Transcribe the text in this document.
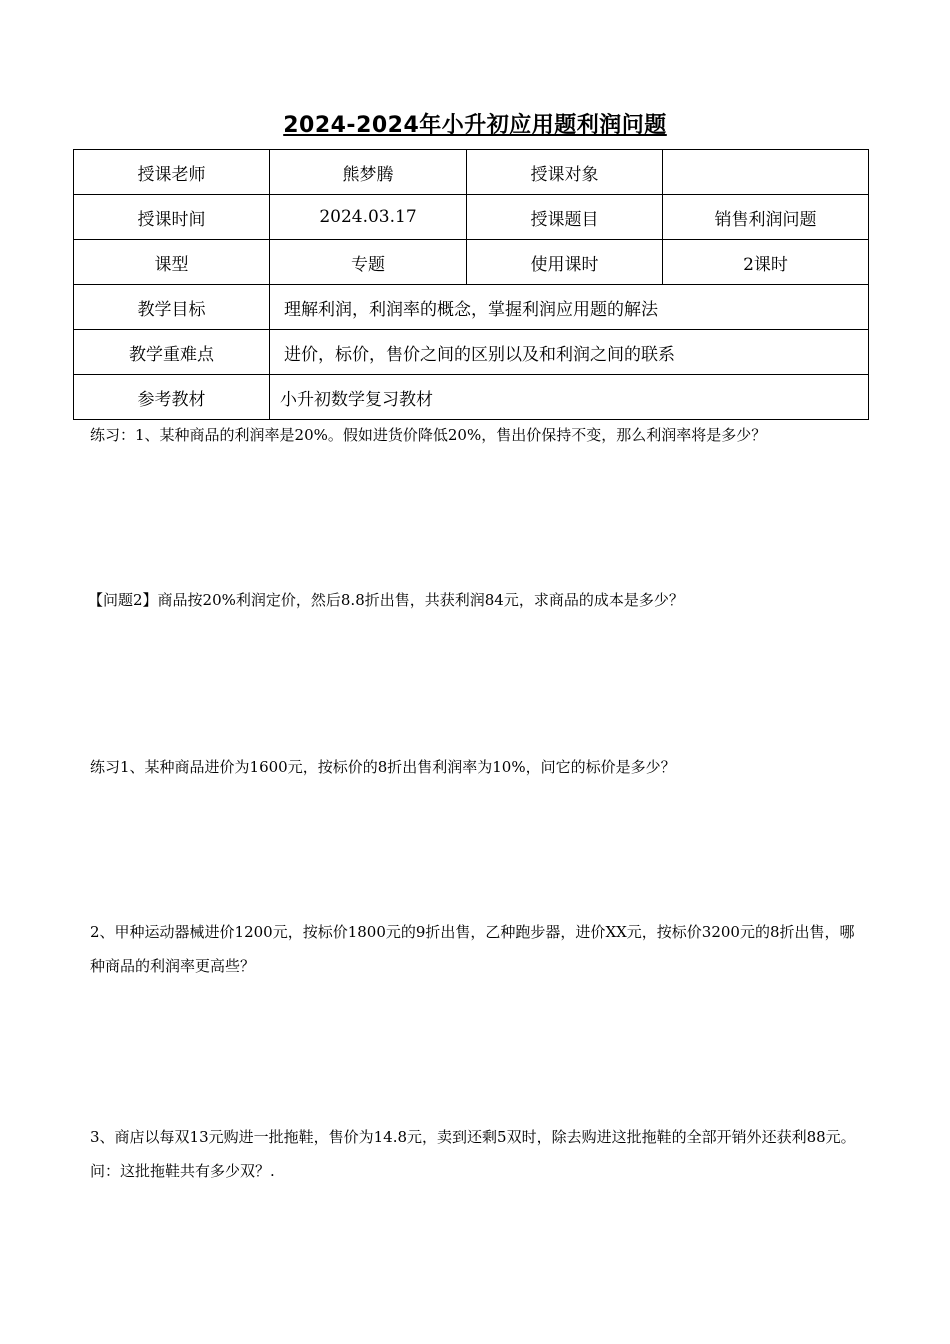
2024-2024年小升初应用题利润问题
授课老师	熊梦腾	授课对象	
授课时间	2024.03.17	授课题目	销售利润问题
课型	专题	使用课时	2课时
教学目标	理解利润，利润率的概念，掌握利润应用题的解法		
教学重难点	进价，标价，售价之间的区别以及和利润之间的联系		
参考教材	小升初数学复习教材		
练习：1、某种商品的利润率是20%。假如进货价降低20%，售出价保持不变，那么利润率将是多少？
【问题2】商品按20%利润定价，然后8.8折出售，共获利润84元，求商品的成本是多少？
练习1、某种商品进价为1600元，按标价的8折出售利润率为10%，问它的标价是多少？
2、甲种运动器械进价1200元，按标价1800元的9折出售，乙种跑步器，进价XX元，按标价3200元的8折出售，哪种商品的利润率更高些？
3、商店以每双13元购进一批拖鞋，售价为14.8元，卖到还剩5双时，除去购进这批拖鞋的全部开销外还获利88元。问：这批拖鞋共有多少双？.
